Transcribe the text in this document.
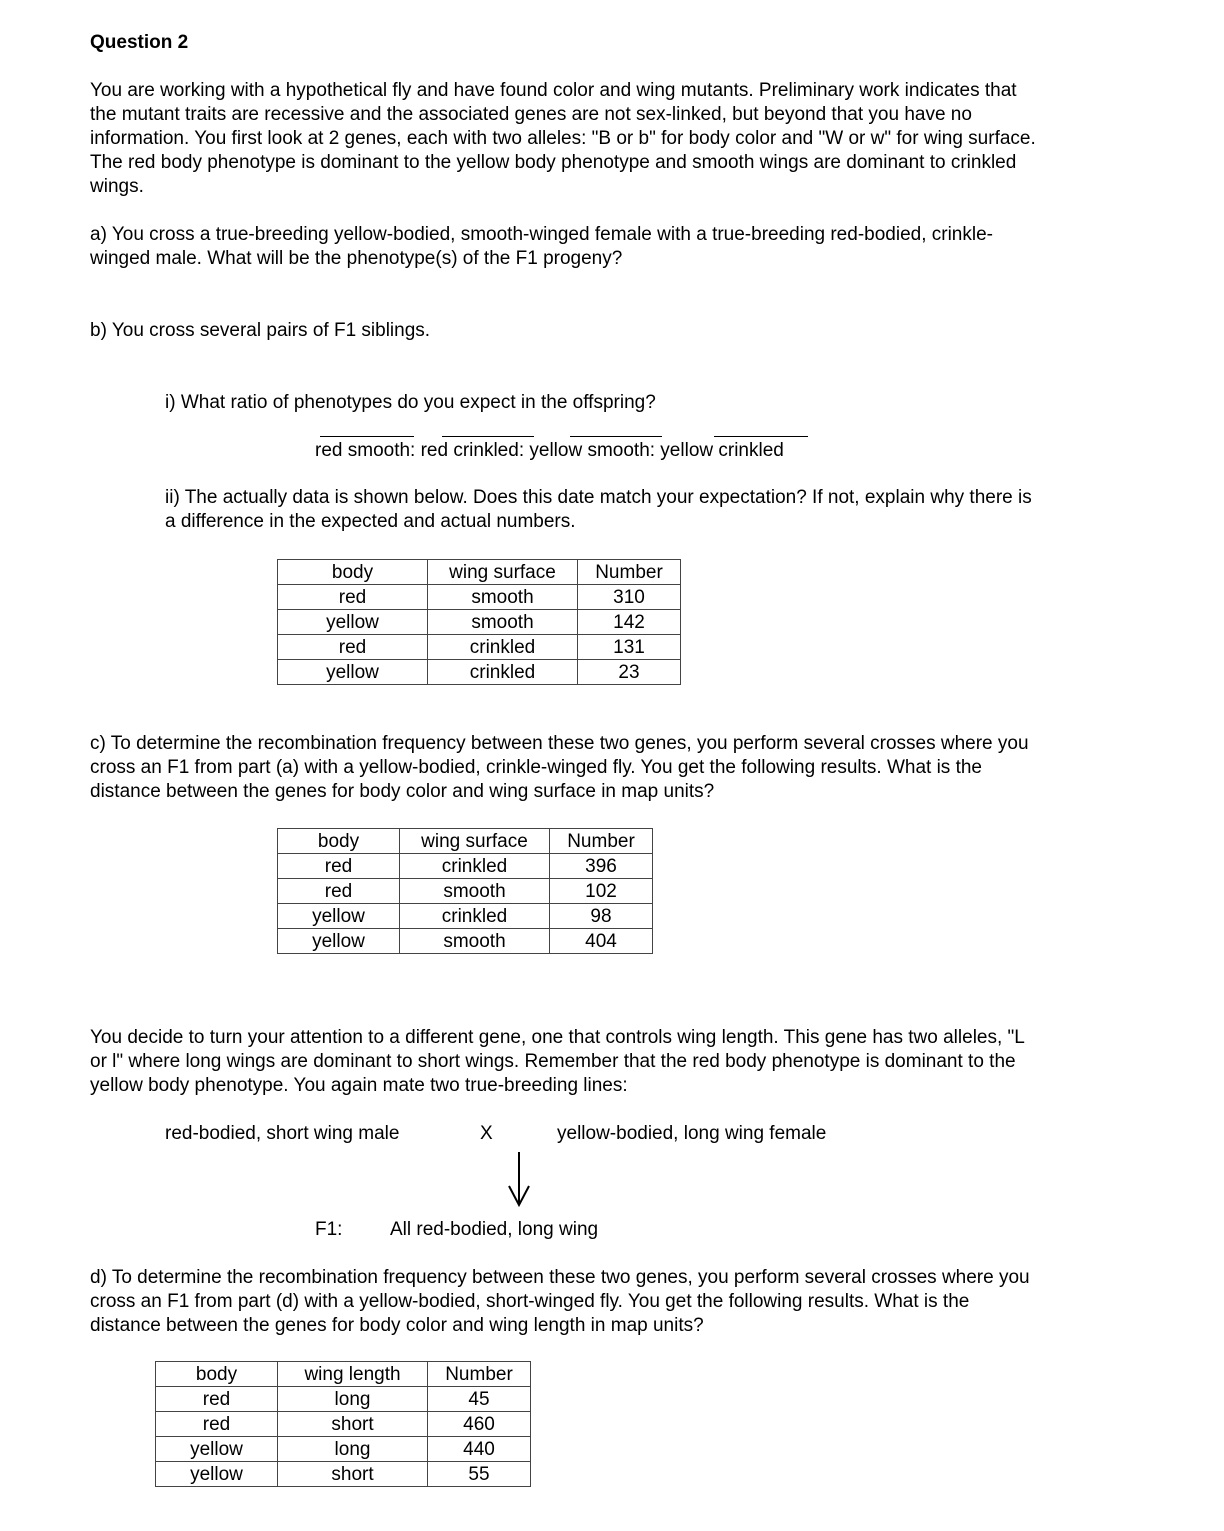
Question 2
You are working with a hypothetical fly and have found color and wing mutants. Preliminary work indicates that
the mutant traits are recessive and the associated genes are not sex-linked, but beyond that you have no
information. You first look at 2 genes, each with two alleles: "B or b" for body color and "W or w" for wing surface.
The red body phenotype is dominant to the yellow body phenotype and smooth wings are dominant to crinkled
wings.
a) You cross a true-breeding yellow-bodied, smooth-winged female with a true-breeding red-bodied, crinkle-
winged male. What will be the phenotype(s) of the F1 progeny?
b) You cross several pairs of F1 siblings.
i) What ratio of phenotypes do you expect in the offspring?
red smooth: red crinkled: yellow smooth: yellow crinkled
ii) The actually data is shown below. Does this date match your expectation? If not, explain why there is
a difference in the expected and actual numbers.
body	wing surface	Number
red	smooth	310
yellow	smooth	142
red	crinkled	131
yellow	crinkled	23
c) To determine the recombination frequency between these two genes, you perform several crosses where you
cross an F1 from part (a) with a yellow-bodied, crinkle-winged fly. You get the following results. What is the
distance between the genes for body color and wing surface in map units?
body	wing surface	Number
red	crinkled	396
red	smooth	102
yellow	crinkled	98
yellow	smooth	404
You decide to turn your attention to a different gene, one that controls wing length. This gene has two alleles, "L
or l" where long wings are dominant to short wings. Remember that the red body phenotype is dominant to the
yellow body phenotype. You again mate two true-breeding lines:
red-bodied, short wing male	X	yellow-bodied, long wing female
F1:	All red-bodied, long wing
d) To determine the recombination frequency between these two genes, you perform several crosses where you
cross an F1 from part (d) with a yellow-bodied, short-winged fly. You get the following results. What is the
distance between the genes for body color and wing length in map units?
body	wing length	Number
red	long	45
red	short	460
yellow	long	440
yellow	short	55
